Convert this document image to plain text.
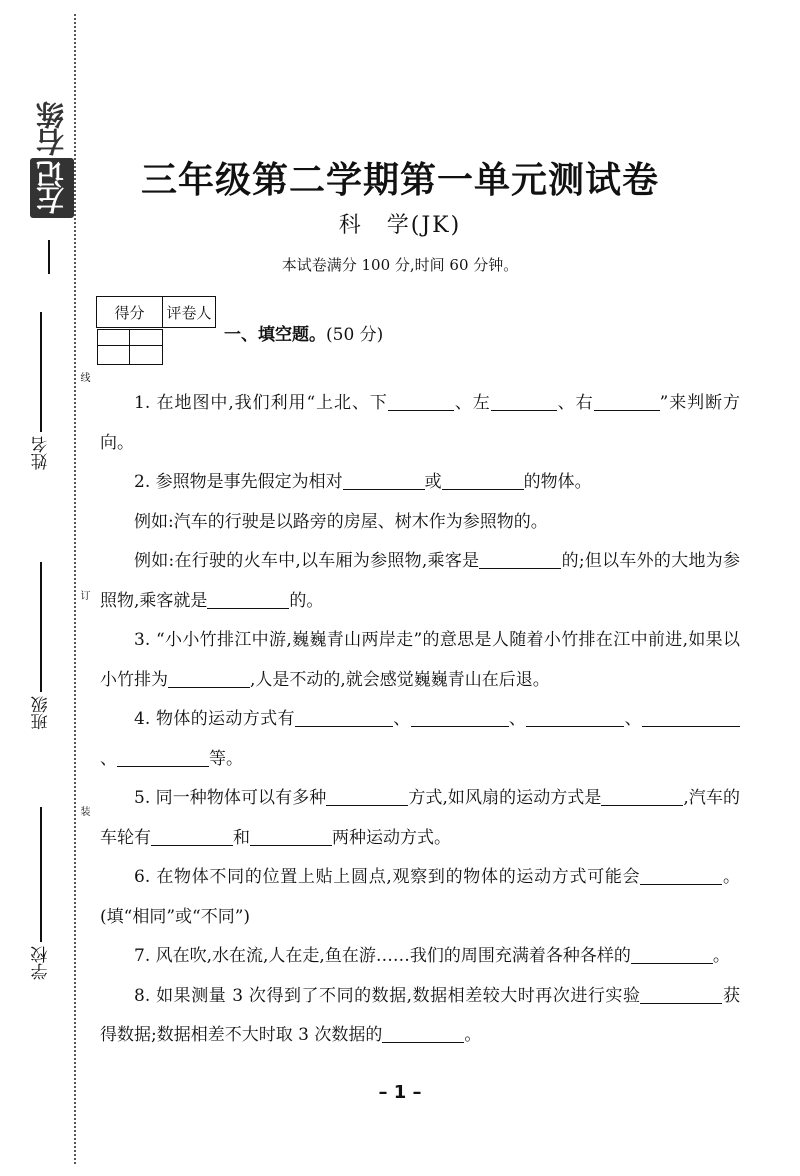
左记
右练
姓名
班级
学校
线
订
装
三年级第二学期第一单元测试卷
科　学(JK)
本试卷满分 100 分,时间 60 分钟。
得分	评卷人

一、填空题。(50 分)

1. 在地图中,我们利用“上北、下	、左	、右	”来判断方向。

2. 参照物是事先假定为相对	或	的物体。

例如:汽车的行驶是以路旁的房屋、树木作为参照物的。

例如:在行驶的火车中,以车厢为参照物,乘客是	的;但以车外的大地为参照物,乘客就是	的。

3. “小小竹排江中游,巍巍青山两岸走”的意思是人随着小竹排在江中前进,如果以小竹排为	,人是不动的,就会感觉巍巍青山在后退。

4. 物体的运动方式有	、	、	、、	等。

5. 同一种物体可以有多种	方式,如风扇的运动方式是	,汽车的车轮有	和	两种运动方式。

6. 在物体不同的位置上贴上圆点,观察到的物体的运动方式可能会	。(填“相同”或“不同”)

7. 风在吹,水在流,人在走,鱼在游……我们的周围充满着各种各样的	。

8. 如果测量 3 次得到了不同的数据,数据相差较大时再次进行实验	获得数据;数据相差不大时取 3 次数据的	。

– 1 –
